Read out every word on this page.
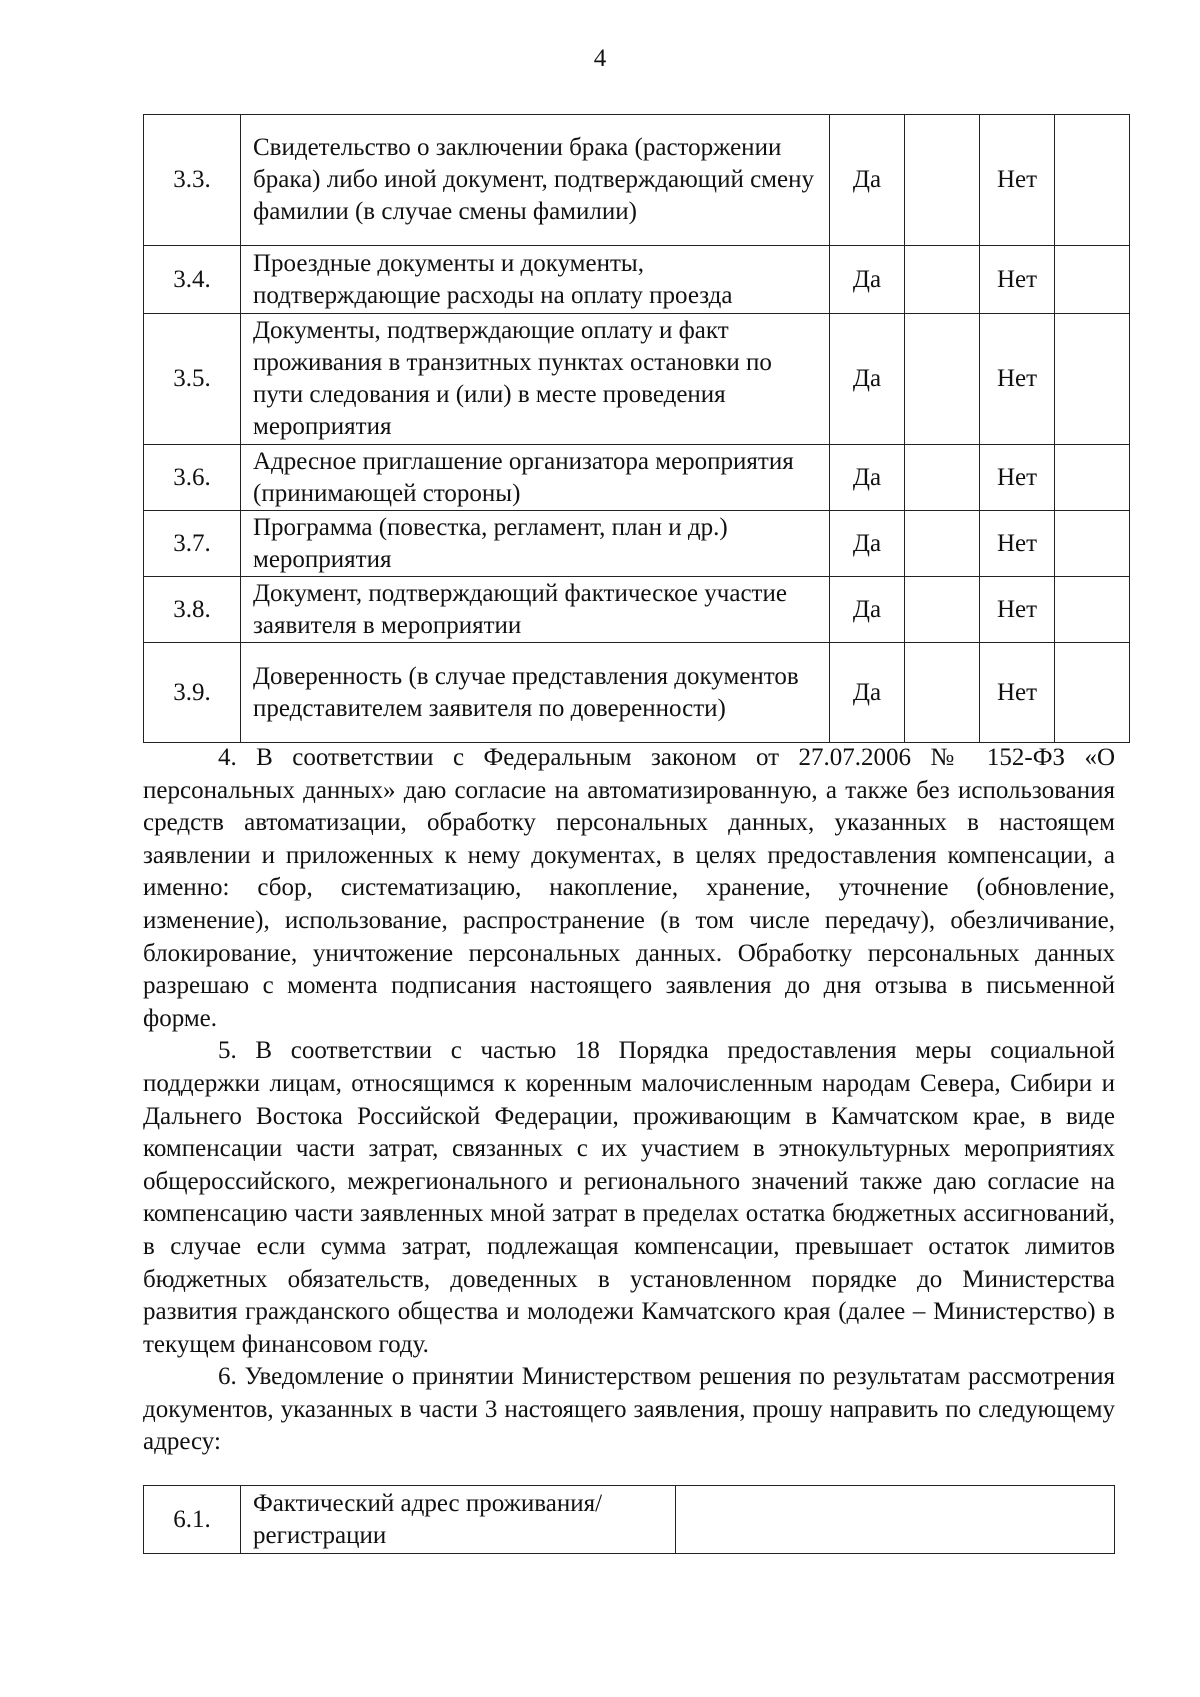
4
3.3.	Свидетельство о заключении брака (расторжении брака) либо иной документ, подтверждающий смену фамилии (в случае смены фамилии)	Да		Нет	
3.4.	Проездные документы и документы, подтверждающие расходы на оплату проезда	Да		Нет	
3.5.	Документы, подтверждающие оплату и факт проживания в транзитных пунктах остановки по пути следования и (или) в месте проведения мероприятия	Да		Нет	
3.6.	Адресное приглашение организатора мероприятия (принимающей стороны)	Да		Нет	
3.7.	Программа (повестка, регламент, план и др.) мероприятия	Да		Нет	
3.8.	Документ, подтверждающий фактическое участие заявителя в мероприятии	Да		Нет	
3.9.	Доверенность (в случае представления документов представителем заявителя по доверенности)	Да		Нет	

4. В соответствии с Федеральным законом от 27.07.2006 № 152-ФЗ «О персональных данных» даю согласие на автоматизированную, а также без использования средств автоматизации, обработку персональных данных, указанных в настоящем заявлении и приложенных к нему документах, в целях предоставления компенсации, а именно: сбор, систематизацию, накопление, хранение, уточнение (обновление, изменение), использование, распространение (в том числе передачу), обезличивание, блокирование, уничтожение персональных данных. Обработку персональных данных разрешаю с момента подписания настоящего заявления до дня отзыва в письменной форме.

5. В соответствии с частью 18 Порядка предоставления меры социальной поддержки лицам, относящимся к коренным малочисленным народам Севера, Сибири и Дальнего Востока Российской Федерации, проживающим в Камчатском крае, в виде компенсации части затрат, связанных с их участием в этнокультурных мероприятиях общероссийского, межрегионального и регионального значений также даю согласие на компенсацию части заявленных мной затрат в пределах остатка бюджетных ассигнований, в случае если сумма затрат, подлежащая компенсации, превышает остаток лимитов бюджетных обязательств, доведенных в установленном порядке до Министерства развития гражданского общества и молодежи Камчатского края (далее – Министерство) в текущем финансовом году.

6. Уведомление о принятии Министерством решения по результатам рассмотрения документов, указанных в части 3 настоящего заявления, прошу направить по следующему адресу:

6.1.	Фактический адрес проживания/ регистрации	
